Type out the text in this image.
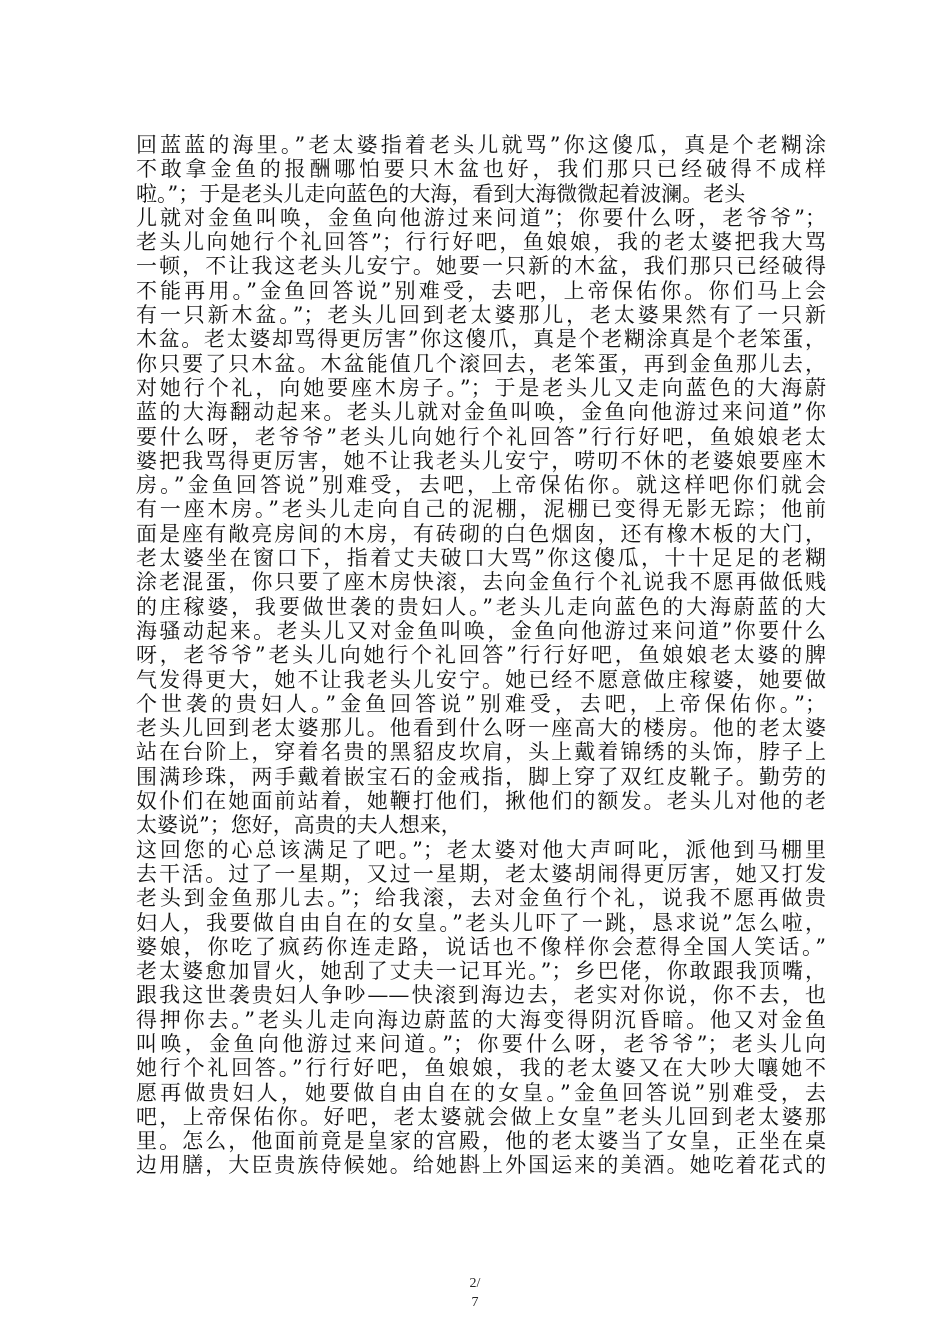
回蓝蓝的海里。”老太婆指着老头儿就骂”你这傻瓜，真是个老糊涂
不敢拿金鱼的报酬哪怕要只木盆也好，我们那只已经破得不成样
啦。”；于是老头儿走向蓝色的大海，看到大海微微起着波澜。老头
儿就对金鱼叫唤，金鱼向他游过来问道”；你要什么呀，老爷爷”；
老头儿向她行个礼回答”；行行好吧，鱼娘娘，我的老太婆把我大骂
一顿，不让我这老头儿安宁。她要一只新的木盆，我们那只已经破得
不能再用。”金鱼回答说”别难受，去吧，上帝保佑你。你们马上会
有一只新木盆。”；老头儿回到老太婆那儿，老太婆果然有了一只新
木盆。老太婆却骂得更厉害”你这傻爪，真是个老糊涂真是个老笨蛋，
你只要了只木盆。木盆能值几个滚回去，老笨蛋，再到金鱼那儿去，
对她行个礼，向她要座木房子。”；于是老头儿又走向蓝色的大海蔚
蓝的大海翻动起来。老头儿就对金鱼叫唤，金鱼向他游过来问道”你
要什么呀，老爷爷”老头儿向她行个礼回答”行行好吧，鱼娘娘老太
婆把我骂得更厉害，她不让我老头儿安宁，唠叨不休的老婆娘要座木
房。”金鱼回答说”别难受，去吧，上帝保佑你。就这样吧你们就会
有一座木房。”老头儿走向自己的泥棚，泥棚已变得无影无踪；他前
面是座有敞亮房间的木房，有砖砌的白色烟囱，还有橡木板的大门，
老太婆坐在窗口下，指着丈夫破口大骂”你这傻瓜，十十足足的老糊
涂老混蛋，你只要了座木房快滚，去向金鱼行个礼说我不愿再做低贱
的庄稼婆，我要做世袭的贵妇人。”老头儿走向蓝色的大海蔚蓝的大
海骚动起来。老头儿又对金鱼叫唤，金鱼向他游过来问道”你要什么
呀，老爷爷”老头儿向她行个礼回答”行行好吧，鱼娘娘老太婆的脾
气发得更大，她不让我老头儿安宁。她已经不愿意做庄稼婆，她要做
个世袭的贵妇人。”金鱼回答说”别难受，去吧，上帝保佑你。”；
老头儿回到老太婆那儿。他看到什么呀一座高大的楼房。他的老太婆
站在台阶上，穿着名贵的黑貂皮坎肩，头上戴着锦绣的头饰，脖子上
围满珍珠，两手戴着嵌宝石的金戒指，脚上穿了双红皮靴子。勤劳的
奴仆们在她面前站着，她鞭打他们，揪他们的额发。老头儿对他的老
太婆说”；您好，高贵的夫人想来，
这回您的心总该满足了吧。”；老太婆对他大声呵叱，派他到马棚里
去干活。过了一星期，又过一星期，老太婆胡闹得更厉害，她又打发
老头到金鱼那儿去。”；给我滚，去对金鱼行个礼，说我不愿再做贵
妇人，我要做自由自在的女皇。”老头儿吓了一跳，恳求说”怎么啦，
婆娘，你吃了疯药你连走路，说话也不像样你会惹得全国人笑话。”
老太婆愈加冒火，她刮了丈夫一记耳光。”；乡巴佬，你敢跟我顶嘴，
跟我这世袭贵妇人争吵——快滚到海边去，老实对你说，你不去，也
得押你去。”老头儿走向海边蔚蓝的大海变得阴沉昏暗。他又对金鱼
叫唤，金鱼向他游过来问道。”；你要什么呀，老爷爷”；老头儿向
她行个礼回答。”行行好吧，鱼娘娘，我的老太婆又在大吵大嚷她不
愿再做贵妇人，她要做自由自在的女皇。”金鱼回答说”别难受，去
吧，上帝保佑你。好吧，老太婆就会做上女皇”老头儿回到老太婆那
里。怎么，他面前竟是皇家的宫殿，他的老太婆当了女皇，正坐在桌
边用膳，大臣贵族侍候她。给她斟上外国运来的美酒。她吃着花式的
2/
7
